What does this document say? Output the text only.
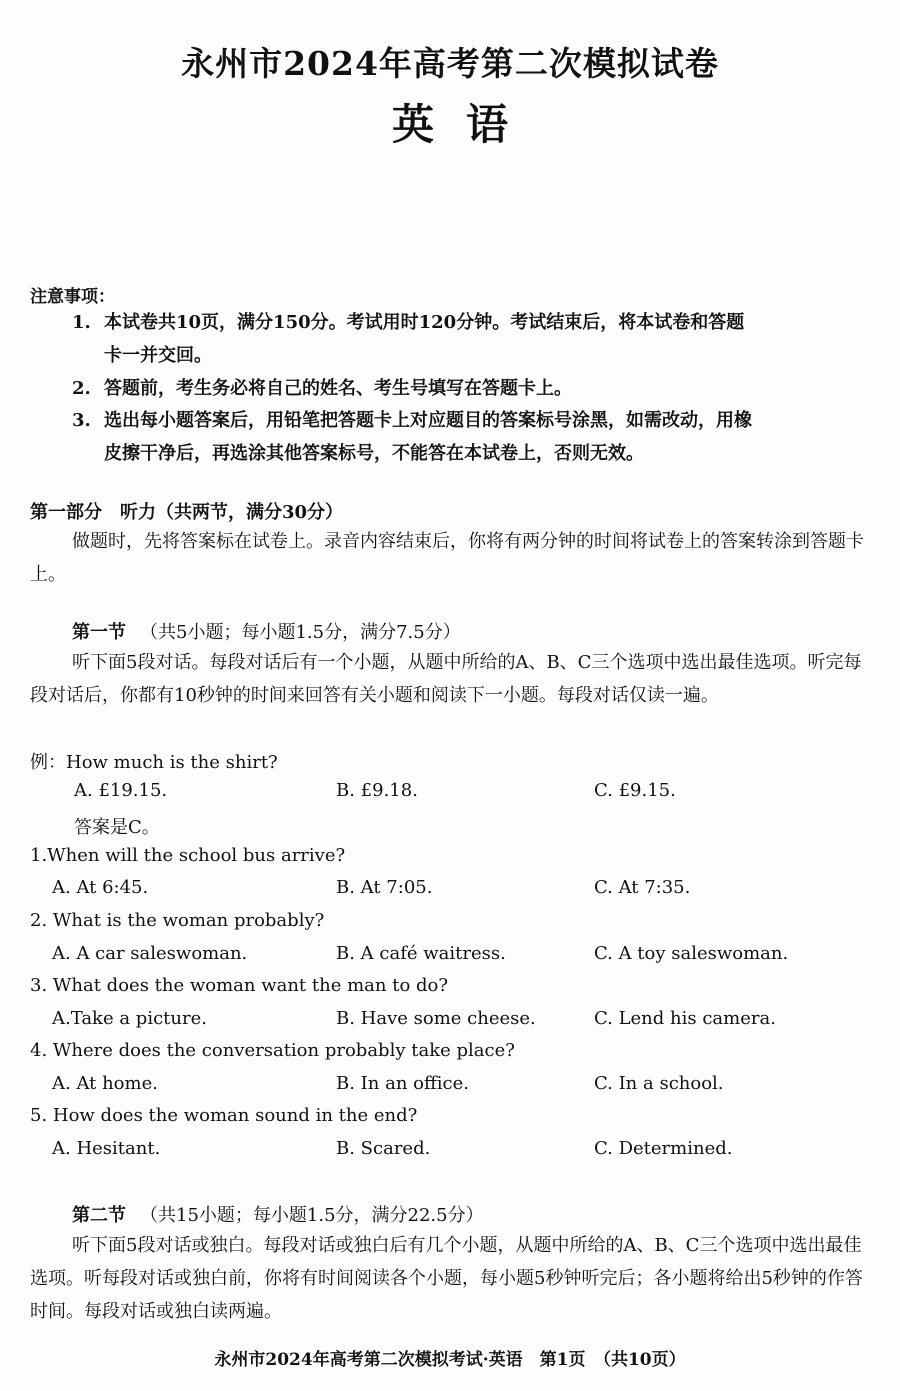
永州市2024年高考第二次模拟试卷
英语
注意事项：
1. 本试卷共10页，满分150分。考试用时120分钟。考试结束后，将本试卷和答题
卡一并交回。
2. 答题前，考生务必将自己的姓名、考生号填写在答题卡上。
3. 选出每小题答案后，用铅笔把答题卡上对应题目的答案标号涂黑，如需改动，用橡
皮擦干净后，再选涂其他答案标号，不能答在本试卷上，否则无效。
第一部分　听力（共两节，满分30分）
做题时，先将答案标在试卷上。录音内容结束后，你将有两分钟的时间将试卷上的答案转涂到答题卡上。
第一节 （共5小题；每小题1.5分，满分7.5分）
听下面5段对话。每段对话后有一个小题，从题中所给的A、B、C三个选项中选出最佳选项。听完每段对话后，你都有10秒钟的时间来回答有关小题和阅读下一小题。每段对话仅读一遍。
例：How much is the shirt?
A. £19.15.	B. £9.18.	C. £9.15.
答案是C。
1.When will the school bus arrive?
A. At 6:45.	B. At 7:05.	C. At 7:35.
2. What is the woman probably?
A. A car saleswoman.	B. A café waitress.	C. A toy saleswoman.
3. What does the woman want the man to do?
A.Take a picture.	B. Have some cheese.	C. Lend his camera.
4. Where does the conversation probably take place?
A. At home.	B. In an office.	C. In a school.
5. How does the woman sound in the end?
A. Hesitant.	B. Scared.	C. Determined.
第二节 （共15小题；每小题1.5分，满分22.5分）
听下面5段对话或独白。每段对话或独白后有几个小题，从题中所给的A、B、C三个选项中选出最佳选项。听每段对话或独白前，你将有时间阅读各个小题，每小题5秒钟听完后；各小题将给出5秒钟的作答时间。每段对话或独白读两遍。
永州市2024年高考第二次模拟考试·英语　第1页　（共10页）
